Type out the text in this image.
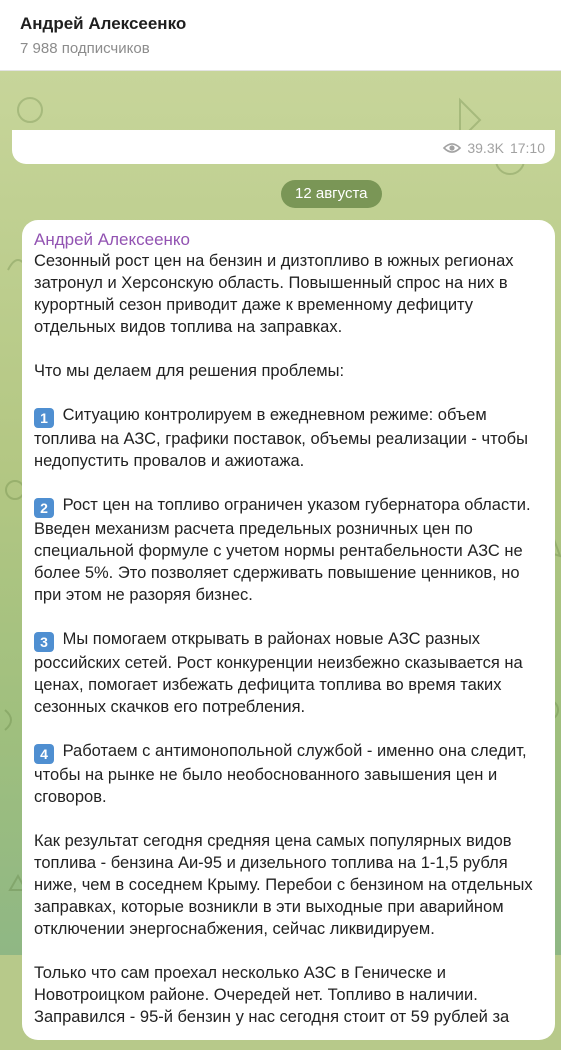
Андрей Алексеенко
7 988 подписчиков
39.3K 17:10
12 августа
Андрей Алексеенко

Сезонный рост цен на бензин и дизтопливо в южных регионах затронул и Херсонскую область. Повышенный спрос на них в курортный сезон приводит даже к временному дефициту отдельных видов топлива на заправках.

Что мы делаем для решения проблемы:

1 Ситуацию контролируем в ежедневном режиме: объем топлива на АЗС, графики поставок, объемы реализации - чтобы недопустить провалов и ажиотажа.

2 Рост цен на топливо ограничен указом губернатора области. Введен механизм расчета предельных розничных цен по специальной формуле с учетом нормы рентабельности АЗС не более 5%. Это позволяет сдерживать повышение ценников, но при этом не разоряя бизнес.

3 Мы помогаем открывать в районах новые АЗС разных российских сетей. Рост конкуренции неизбежно сказывается на ценах, помогает избежать дефицита топлива во время таких сезонных скачков его потребления.

4 Работаем с антимонопольной службой - именно она следит, чтобы на рынке не было необоснованного завышения цен и сговоров.

Как результат сегодня средняя цена самых популярных видов топлива - бензина Аи-95 и дизельного топлива на 1-1,5 рубля ниже, чем в соседнем Крыму. Перебои с бензином на отдельных заправках, которые возникли в эти выходные при аварийном отключении энергоснабжения, сейчас ликвидируем.

Только что сам проехал несколько АЗС в Геническе и Новотроицком районе. Очередей нет. Топливо в наличии. Заправился - 95-й бензин у нас сегодня стоит от 59 рублей за
